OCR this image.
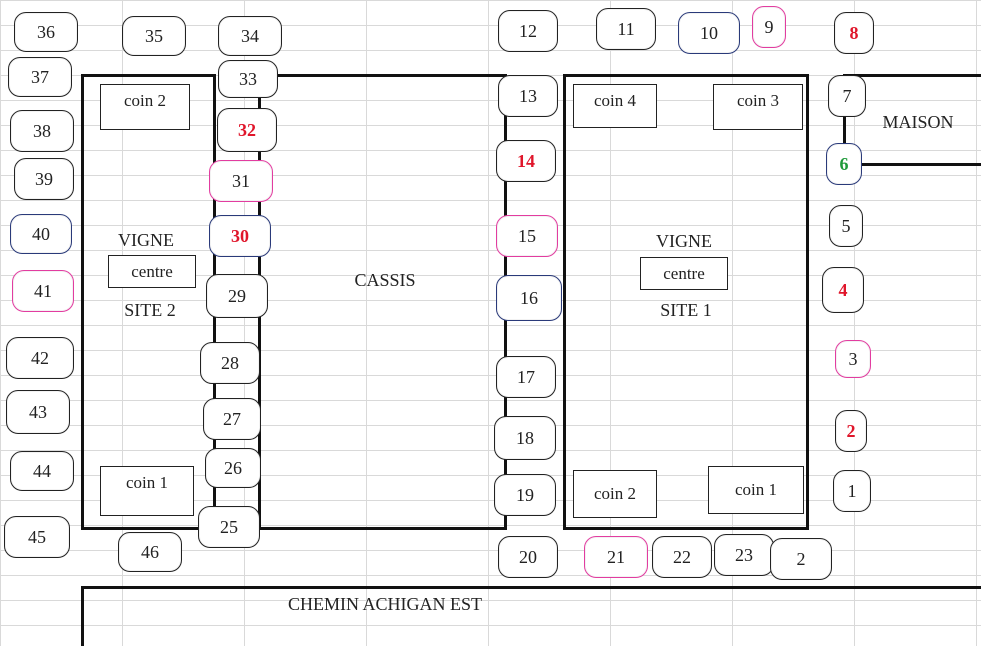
VIGNE
SITE 2
CASSIS
VIGNE
SITE 1
MAISON
CHEMIN ACHIGAN EST
coin 2
centre
coin 1
coin 4	coin 3
centre
coin 2	coin 1	1
2
3
4
5
6
7
8
9
10
11
12
13
14
15
16
17
18
19
20	21	22	23	2
25
26
27
28
29
30
31
32
33
34
35
36
37
38
39
40
41
42
43
44
45
46
